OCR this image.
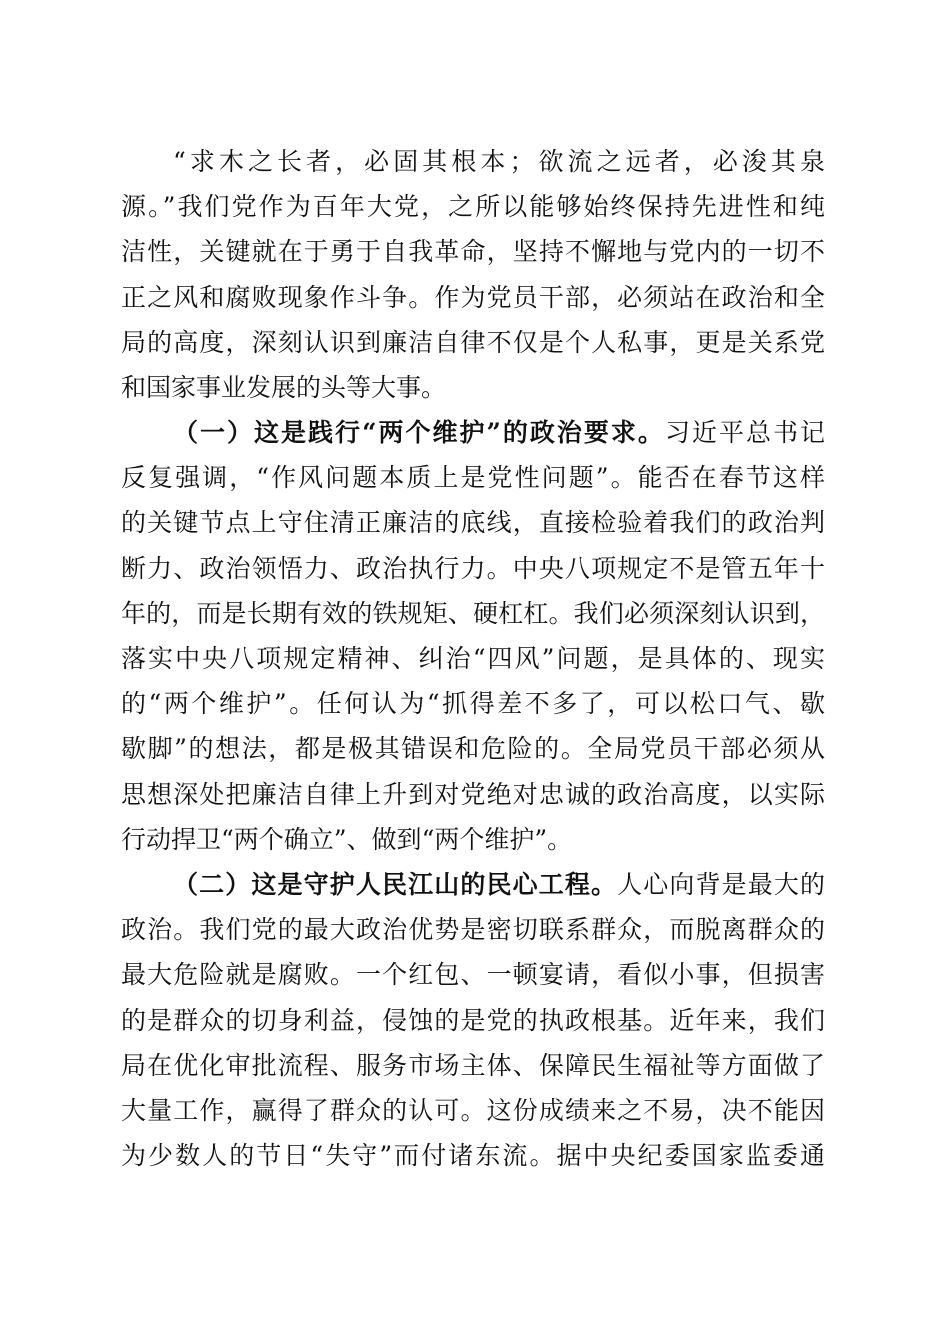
“求木之长者，必固其根本；欲流之远者，必浚其泉
源。”我们党作为百年大党，之所以能够始终保持先进性和纯
洁性，关键就在于勇于自我革命，坚持不懈地与党内的一切不
正之风和腐败现象作斗争。作为党员干部，必须站在政治和全
局的高度，深刻认识到廉洁自律不仅是个人私事，更是关系党
和国家事业发展的头等大事。
（一）这是践行“两个维护”的政治要求。习近平总书记
反复强调，“作风问题本质上是党性问题”。能否在春节这样
的关键节点上守住清正廉洁的底线，直接检验着我们的政治判
断力、政治领悟力、政治执行力。中央八项规定不是管五年十
年的，而是长期有效的铁规矩、硬杠杠。我们必须深刻认识到，
落实中央八项规定精神、纠治“四风”问题，是具体的、现实
的“两个维护”。任何认为“抓得差不多了，可以松口气、歇
歇脚”的想法，都是极其错误和危险的。全局党员干部必须从
思想深处把廉洁自律上升到对党绝对忠诚的政治高度，以实际
行动捍卫“两个确立”、做到“两个维护”。
（二）这是守护人民江山的民心工程。人心向背是最大的
政治。我们党的最大政治优势是密切联系群众，而脱离群众的
最大危险就是腐败。一个红包、一顿宴请，看似小事，但损害
的是群众的切身利益，侵蚀的是党的执政根基。近年来，我们
局在优化审批流程、服务市场主体、保障民生福祉等方面做了
大量工作，赢得了群众的认可。这份成绩来之不易，决不能因
为少数人的节日“失守”而付诸东流。据中央纪委国家监委通
